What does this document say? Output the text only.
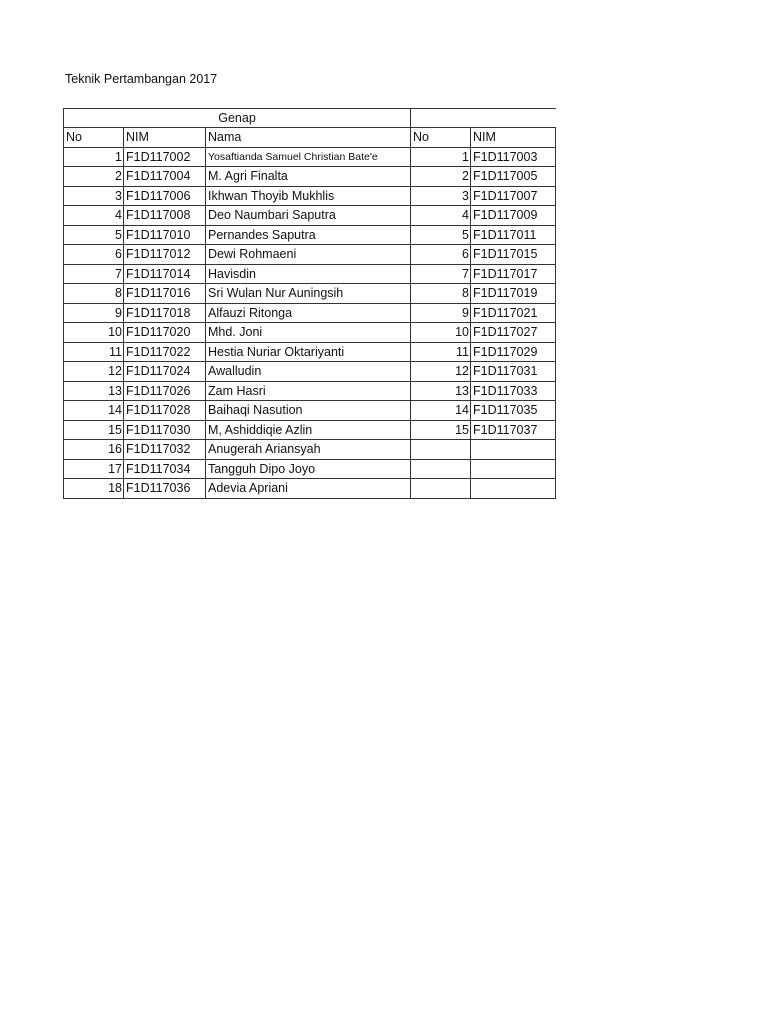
Teknik Pertambangan 2017
Genap				
No	NIM	Nama	No	NIM
1	F1D117002	Yosaftianda Samuel Christian Bate'e	1	F1D117003
2	F1D117004	M. Agri Finalta	2	F1D117005
3	F1D117006	Ikhwan Thoyib Mukhlis	3	F1D117007
4	F1D117008	Deo Naumbari Saputra	4	F1D117009
5	F1D117010	Pernandes Saputra	5	F1D117011
6	F1D117012	Dewi Rohmaeni	6	F1D117015
7	F1D117014	Havisdin	7	F1D117017
8	F1D117016	Sri Wulan Nur Auningsih	8	F1D117019
9	F1D117018	Alfauzi Ritonga	9	F1D117021
10	F1D117020	Mhd. Joni	10	F1D117027
11	F1D117022	Hestia Nuriar Oktariyanti	11	F1D117029
12	F1D117024	Awalludin	12	F1D117031
13	F1D117026	Zam Hasri	13	F1D117033
14	F1D117028	Baihaqi Nasution	14	F1D117035
15	F1D117030	M, Ashiddiqie Azlin	15	F1D117037
16	F1D117032	Anugerah Ariansyah		
17	F1D117034	Tangguh Dipo Joyo		
18	F1D117036	Adevia Apriani		
